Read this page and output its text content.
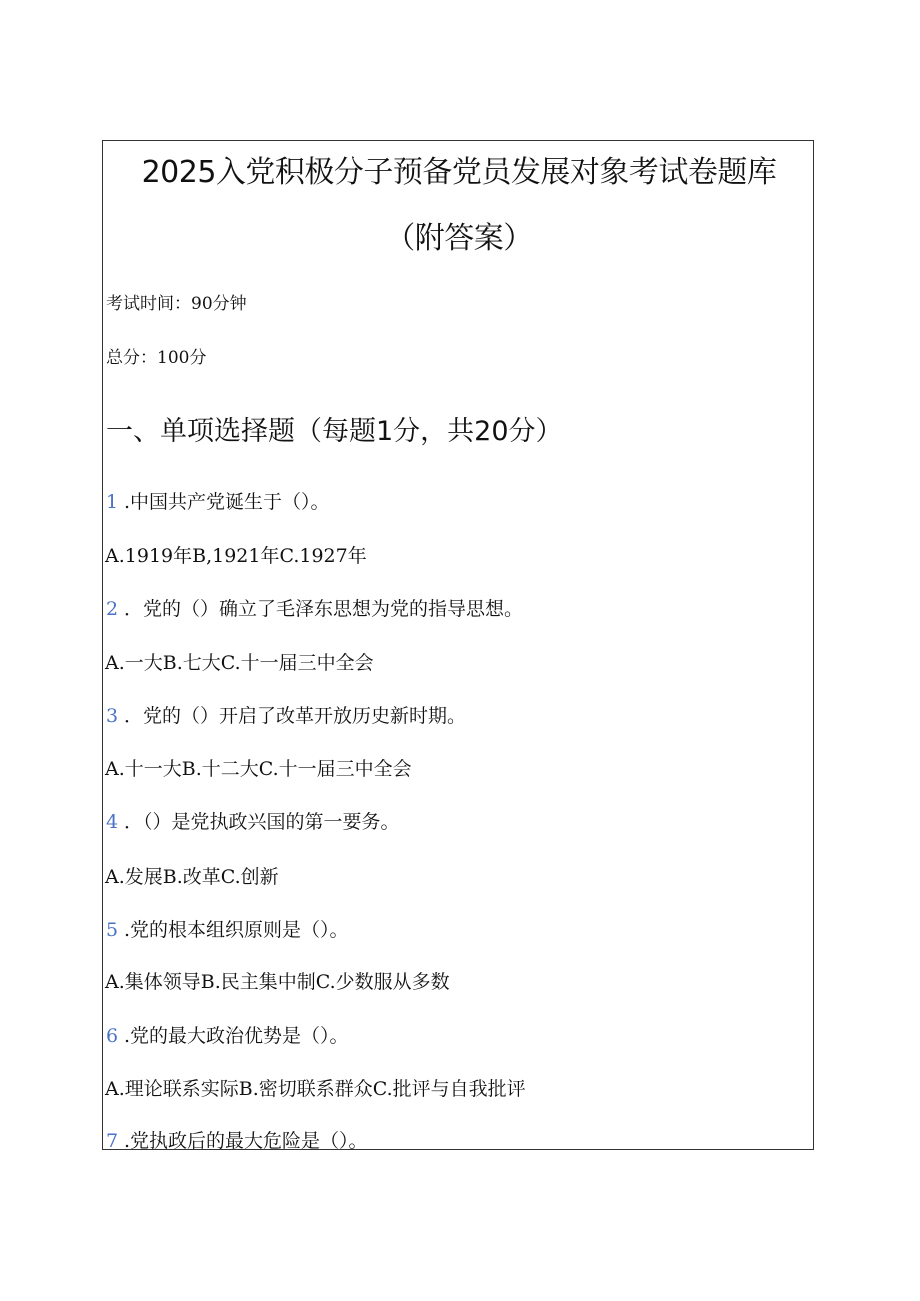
2025入党积极分子预备党员发展对象考试卷题库
（附答案）
考试时间：90分钟
总分：100分
一、单项选择题（每题1分，共20分）
1 .中国共产党诞生于（）。
A.1919年B,1921年C.1927年
2 ．党的（）确立了毛泽东思想为党的指导思想。
A.一大B.七大C.十一届三中全会
3 ．党的（）开启了改革开放历史新时期。
A.十一大B.十二大C.十一届三中全会
4 ．（）是党执政兴国的第一要务。
A.发展B.改革C.创新
5 .党的根本组织原则是（）。
A.集体领导B.民主集中制C.少数服从多数
6 .党的最大政治优势是（）。
A.理论联系实际B.密切联系群众C.批评与自我批评
7 .党执政后的最大危险是（）。
